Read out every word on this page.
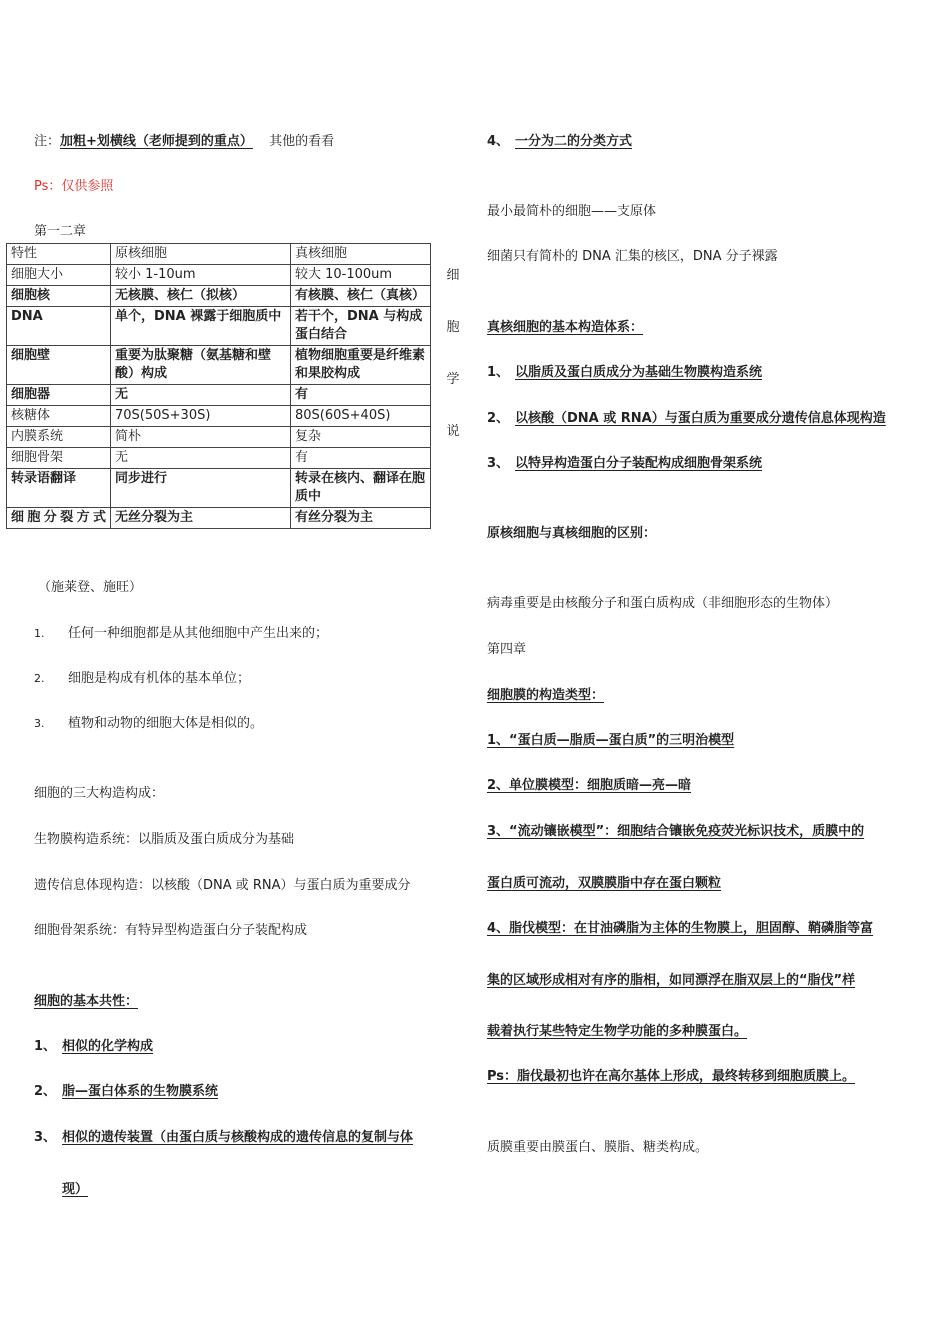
注：加粗+划横线（老师提到的重点） 其他的看看
Ps：仅供参照
第一二章
特性	原核细胞	真核细胞
细胞大小	较小 1-10um	较大 10-100um
细胞核	无核膜、核仁（拟核）	有核膜、核仁（真核）
DNA	单个，DNA 裸露于细胞质中	若干个，DNA 与构成蛋白结合
细胞壁	重要为肽聚糖（氨基糖和壁酸）构成	植物细胞重要是纤维素和果胶构成
细胞器	无	有
核糖体	70S(50S+30S)	80S(60S+40S)
内膜系统	简朴	复杂
细胞骨架	无	有
转录语翻译	同步进行	转录在核内、翻译在胞质中
细胞分裂方式	无丝分裂为主	有丝分裂为主
细
胞
学
说
（施莱登、施旺）
1. 任何一种细胞都是从其他细胞中产生出来的；
2. 细胞是构成有机体的基本单位；
3. 植物和动物的细胞大体是相似的。
细胞的三大构造构成：
生物膜构造系统：以脂质及蛋白质成分为基础
遗传信息体现构造：以核酸（DNA 或 RNA）与蛋白质为重要成分
细胞骨架系统：有特异型构造蛋白分子装配构成
细胞的基本共性：
1、 相似的化学构成
2、 脂—蛋白体系的生物膜系统
3、 相似的遗传装置（由蛋白质与核酸构成的遗传信息的复制与体
现）
4、 一分为二的分类方式
最小最简朴的细胞——支原体
细菌只有简朴的 DNA 汇集的核区，DNA 分子裸露
真核细胞的基本构造体系：
1、 以脂质及蛋白质成分为基础生物膜构造系统
2、 以核酸（DNA 或 RNA）与蛋白质为重要成分遗传信息体现构造
3、 以特异构造蛋白分子装配构成细胞骨架系统
原核细胞与真核细胞的区别：
病毒重要是由核酸分子和蛋白质构成（非细胞形态的生物体）
第四章
细胞膜的构造类型：
1、“蛋白质—脂质—蛋白质”的三明治模型
2、单位膜模型：细胞质暗—亮—暗
3、“流动镶嵌模型”：细胞结合镶嵌免疫荧光标识技术，质膜中的
蛋白质可流动，双膜膜脂中存在蛋白颗粒
4、脂伐模型：在甘油磷脂为主体的生物膜上，胆固醇、鞘磷脂等富
集的区域形成相对有序的脂相，如同漂浮在脂双层上的“脂伐”样
载着执行某些特定生物学功能的多种膜蛋白。
Ps：脂伐最初也许在高尔基体上形成，最终转移到细胞质膜上。
质膜重要由膜蛋白、膜脂、糖类构成。
